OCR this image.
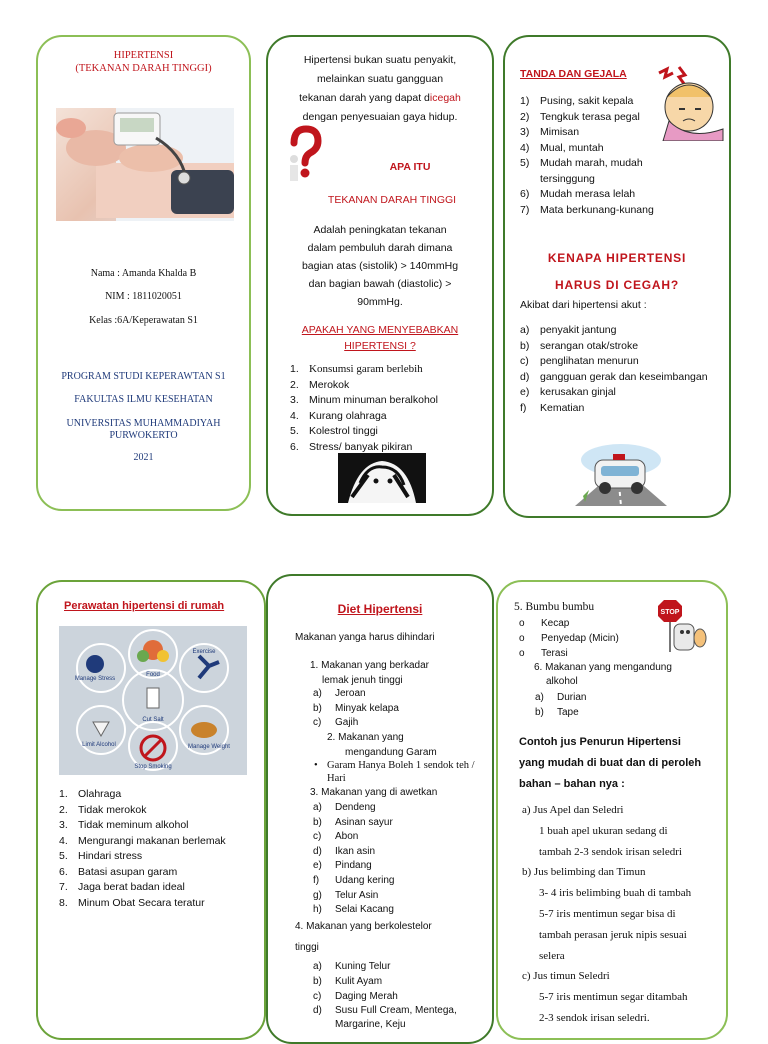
HIPERTENSI
(TEKANAN DARAH TINGGI)
Nama : Amanda Khalda B
NIM : 1811020051
Kelas :6A/Keperawatan S1
PROGRAM STUDI KEPERAWTAN S1
FAKULTAS ILMU KESEHATAN
UNIVERSITAS MUHAMMADIYAH
PURWOKERTO
2021
Hipertensi bukan suatu penyakit,
melainkan suatu gangguan
tekanan darah yang dapat dicegah
dengan penyesuaian gaya hidup.
APA ITU
TEKANAN DARAH TINGGI
Adalah peningkatan tekanan
dalam pembuluh darah dimana
bagian atas (sistolik) > 140mmHg
dan bagian bawah (diastolic) >
90mmHg.
APAKAH YANG MENYEBABKAN
HIPERTENSI ?
1. Konsumsi garam berlebih
2. Merokok
3. Minum minuman beralkohol
4. Kurang olahraga
5. Kolestrol tinggi
6. Stress/ banyak pikiran
TANDA DAN GEJALA
1)	Pusing, sakit kepala
2)	Tengkuk terasa pegal
3)	Mimisan
4)	Mual, muntah
5)	Mudah marah, mudah tersinggung
6)	Mudah merasa lelah
7)	Mata berkunang-kunang
KENAPA HIPERTENSI
HARUS DI CEGAH?
Akibat dari hipertensi akut :
a)	penyakit jantung
b)	serangan otak/stroke
c)	penglihatan menurun
d)	gangguan gerak dan keseimbangan
e)	kerusakan ginjal
f)	Kematian
Perawatan hipertensi di rumah
Food
Exercise
Manage Stress
Cut Salt
Limit Alcohol
Stop Smoking
Manage Weight
1. Olahraga
2. Tidak merokok
3. Tidak meminum alkohol
4. Mengurangi makanan berlemak
5. Hindari stress
6. Batasi asupan garam
7. Jaga berat badan ideal
8. Minum Obat Secara teratur
Diet Hipertensi
Makanan yanga harus dihindari
1. Makanan yang berkadar
lemak jenuh tinggi
a)	Jeroan
b)	Minyak kelapa
c)	Gajih
2. Makanan yang
mengandung Garam
• Garam Hanya Boleh 1 sendok teh / Hari
3. Makanan yang di awetkan
a)	Dendeng
b)	Asinan sayur
c)	Abon
d)	Ikan asin
e)	Pindang
f)	Udang kering
g)	Telur Asin
h)	Selai Kacang
4. Makanan yang berkolestelor
tinggi
a)	Kuning Telur
b)	Kulit Ayam
c)	Daging Merah
d)	Susu Full Cream, Mentega,
Margarine, Keju
5. Bumbu bumbu
o	Kecap
o	Penyedap (Micin)
o	Terasi
STOP
6. Makanan yang mengandung
alkohol
a)	Durian
b)	Tape
Contoh jus Penurun Hipertensi
yang mudah di buat dan di peroleh
bahan – bahan nya :
a) Jus Apel dan Seledri
1 buah apel ukuran sedang di
tambah 2-3 sendok irisan seledri
b) Jus belimbing dan Timun
3- 4 iris belimbing buah di tambah
5-7 iris mentimun segar bisa di
tambah perasan jeruk nipis sesuai
selera
c) Jus timun Seledri
5-7 iris mentimun segar ditambah
2-3 sendok irisan seledri.
